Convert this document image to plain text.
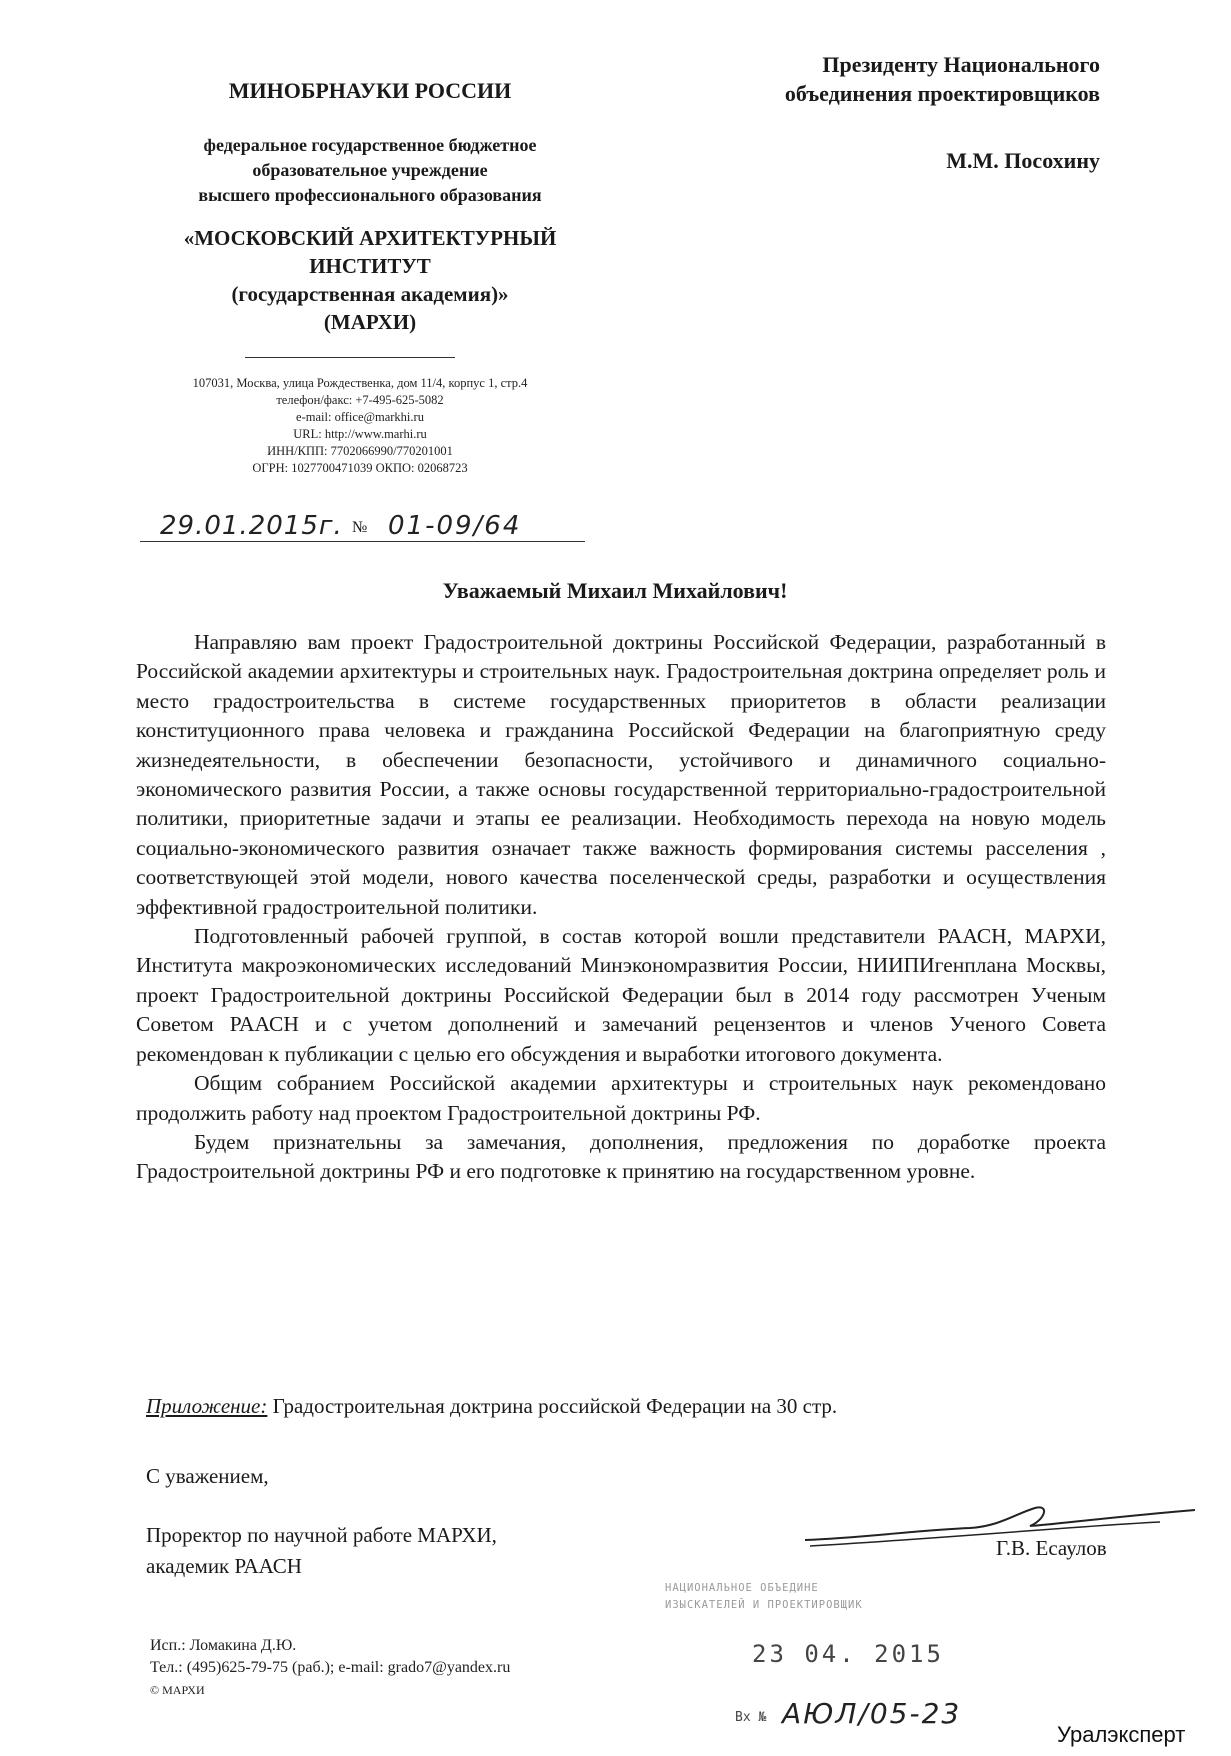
МИНОБРНАУКИ РОССИИ
федеральное государственное бюджетное
образовательное учреждение
высшего профессионального образования
«МОСКОВСКИЙ АРХИТЕКТУРНЫЙ
ИНСТИТУТ
(государственная академия)»
(МАРХИ)
107031, Москва, улица Рождественка, дом 11/4, корпус 1, стр.4
телефон/факс: +7-495-625-5082
e-mail: office@markhi.ru
URL: http://www.marhi.ru
ИНН/КПП: 7702066990/770201001
ОГРН: 1027700471039 ОКПО: 02068723
29.01.2015г. № 01-09/64
Президенту Национального
объединения проектировщиков
М.М. Посохину
Уважаемый Михаил Михайлович!

Направляю вам проект Градостроительной доктрины Российской Федерации, разработанный в Российской академии архитектуры и строительных наук. Градостроительная доктрина определяет роль и место градостроительства в системе государственных приоритетов в области реализации конституционного права человека и гражданина Российской Федерации на благоприятную среду жизнедеятельности, в обеспечении безопасности, устойчивого и динамичного социально-экономического развития России, а также основы государственной территориально-градостроительной политики, приоритетные задачи и этапы ее реализации. Необходимость перехода на новую модель социально-экономического развития означает также важность формирования системы расселения , соответствующей этой модели, нового качества поселенческой среды, разработки и осуществления эффективной градостроительной политики.

Подготовленный рабочей группой, в состав которой вошли представители РААСН, МАРХИ, Института макроэкономических исследований Минэкономразвития России, НИИПИгенплана Москвы, проект Градостроительной доктрины Российской Федерации был в 2014 году рассмотрен Ученым Советом РААСН и с учетом дополнений и замечаний рецензентов и членов Ученого Совета рекомендован к публикации с целью его обсуждения и выработки итогового документа.

Общим собранием Российской академии архитектуры и строительных наук рекомендовано продолжить работу над проектом Градостроительной доктрины РФ.

Будем признательны за замечания, дополнения, предложения по доработке проекта Градостроительной доктрины РФ и его подготовке к принятию на государственном уровне.

Приложение: Градостроительная доктрина российской Федерации на 30 стр.
С уважением,
Проректор по научной работе МАРХИ,
академик РААСН
Г.В. Есаулов
НАЦИОНАЛЬНОЕ ОБЪЕДИНЕ
ИЗЫСКАТЕЛЕЙ И ПРОЕКТИРОВЩИК
23 04. 2015
Вх № АЮЛ/05-23
Исп.: Ломакина Д.Ю.
Тел.: (495)625-79-75 (раб.); e-mail: grado7@yandex.ru
© МАРХИ
Уралэксперт
